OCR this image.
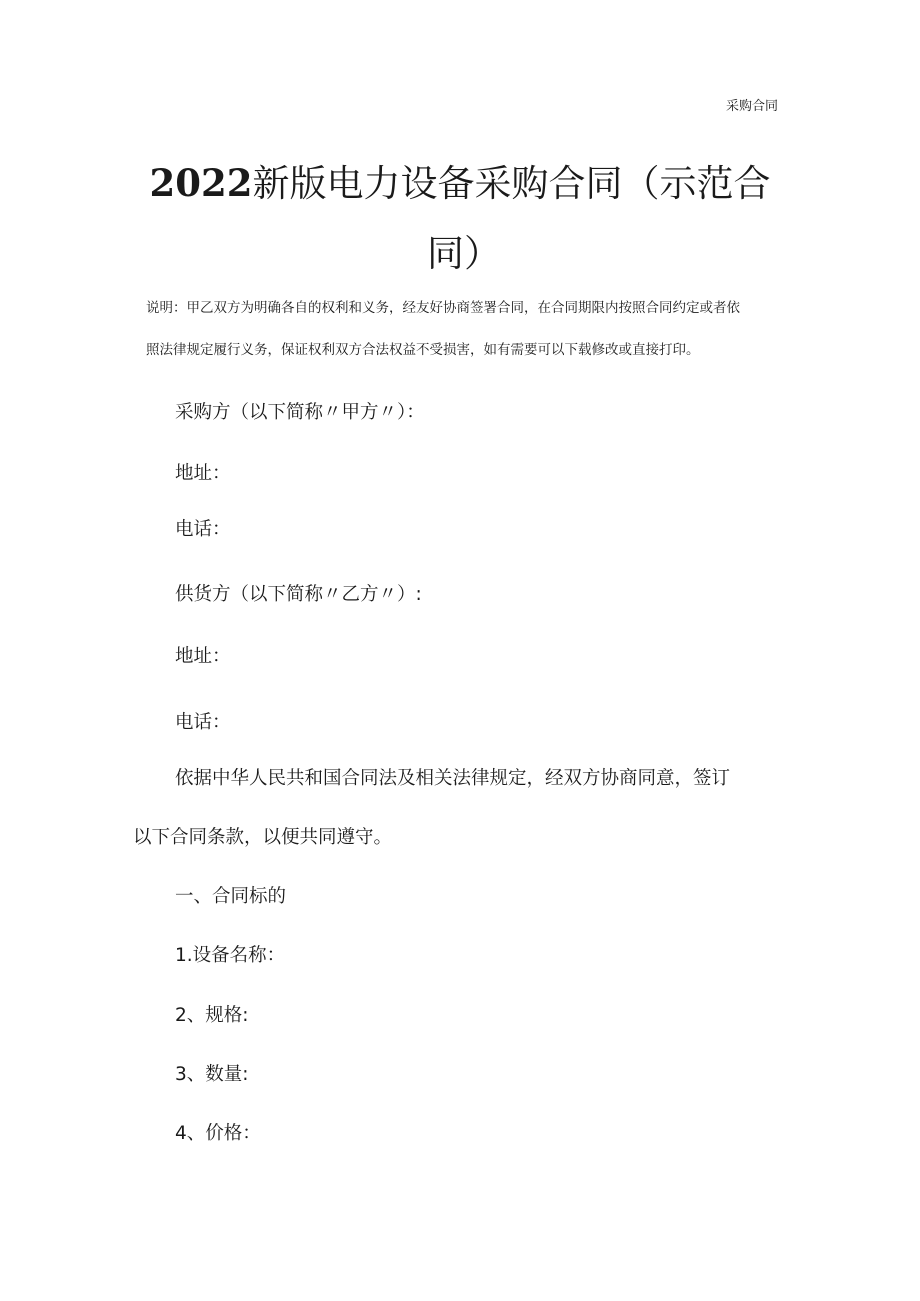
采购合同
2022新版电力设备采购合同（示范合
同）
说明：甲乙双方为明确各自的权利和义务，经友好协商签署合同，在合同期限内按照合同约定或者依
照法律规定履行义务，保证权利双方合法权益不受损害，如有需要可以下载修改或直接打印。
采购方（以下简称〃甲方〃）：
地址：
电话：
供货方（以下简称〃乙方〃）:
地址：
电话：
依据中华人民共和国合同法及相关法律规定，经双方协商同意，签订
以下合同条款，以便共同遵守。
一、合同标的
1.设备名称：
2、规格:
3、数量:
4、价格：
